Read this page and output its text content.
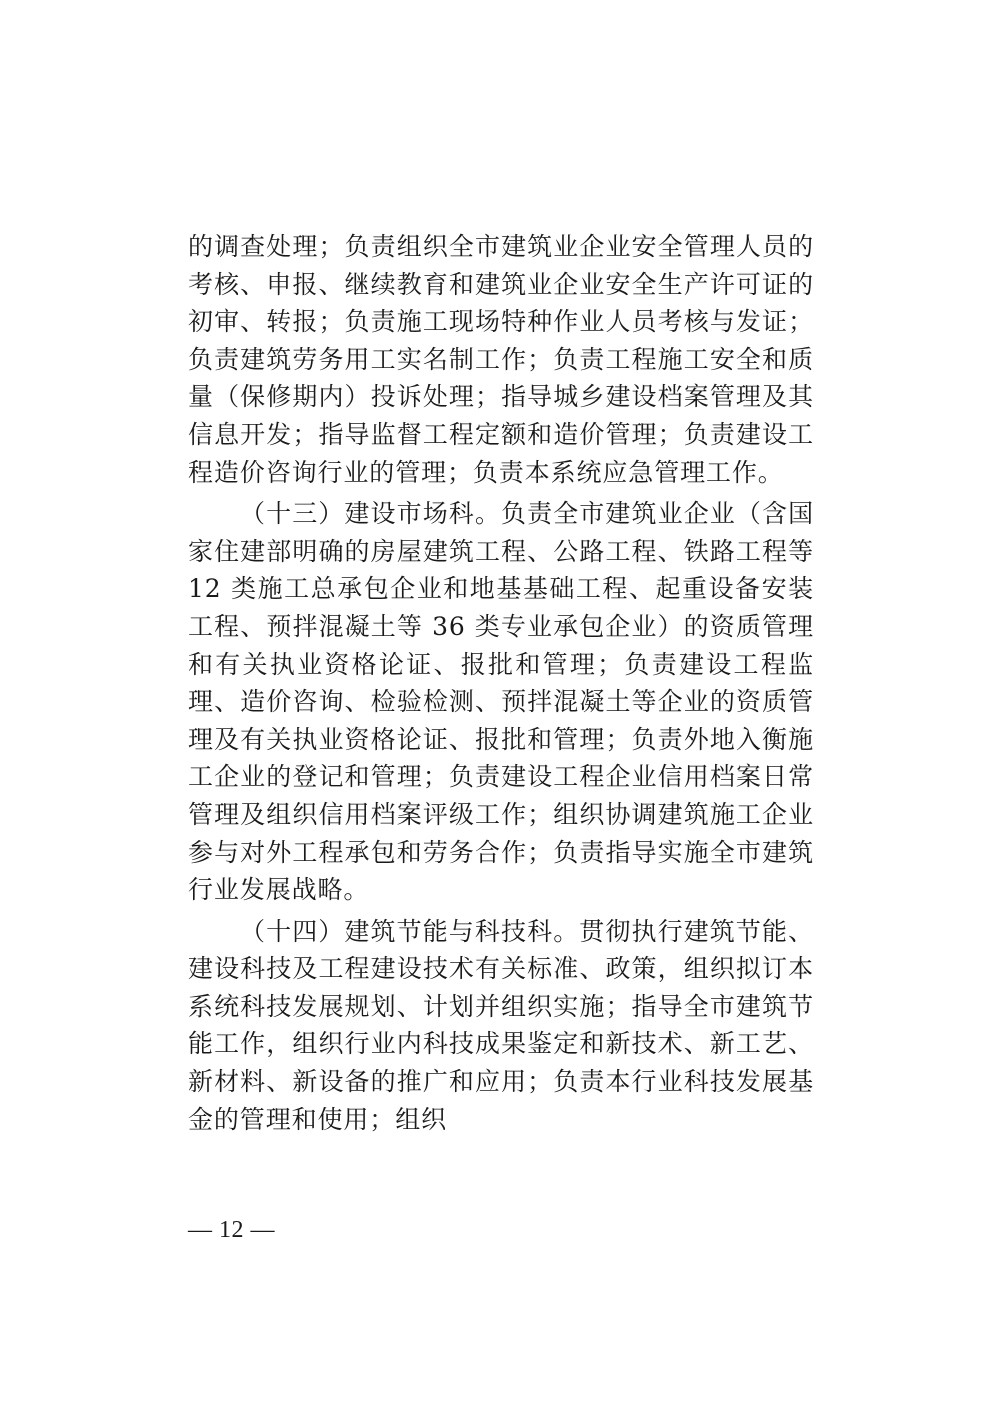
的调查处理；负责组织全市建筑业企业安全管理人员的考核、申报、继续教育和建筑业企业安全生产许可证的初审、转报；负责施工现场特种作业人员考核与发证；负责建筑劳务用工实名制工作；负责工程施工安全和质量（保修期内）投诉处理；指导城乡建设档案管理及其信息开发；指导监督工程定额和造价管理；负责建设工程造价咨询行业的管理；负责本系统应急管理工作。

（十三）建设市场科。负责全市建筑业企业（含国家住建部明确的房屋建筑工程、公路工程、铁路工程等 12 类施工总承包企业和地基基础工程、起重设备安装工程、预拌混凝土等 36 类专业承包企业）的资质管理和有关执业资格论证、报批和管理；负责建设工程监理、造价咨询、检验检测、预拌混凝土等企业的资质管理及有关执业资格论证、报批和管理；负责外地入衡施工企业的登记和管理；负责建设工程企业信用档案日常管理及组织信用档案评级工作；组织协调建筑施工企业参与对外工程承包和劳务合作；负责指导实施全市建筑行业发展战略。

（十四）建筑节能与科技科。贯彻执行建筑节能、建设科技及工程建设技术有关标准、政策，组织拟订本系统科技发展规划、计划并组织实施；指导全市建筑节能工作，组织行业内科技成果鉴定和新技术、新工艺、新材料、新设备的推广和应用；负责本行业科技发展基金的管理和使用；组织

— 12 —
